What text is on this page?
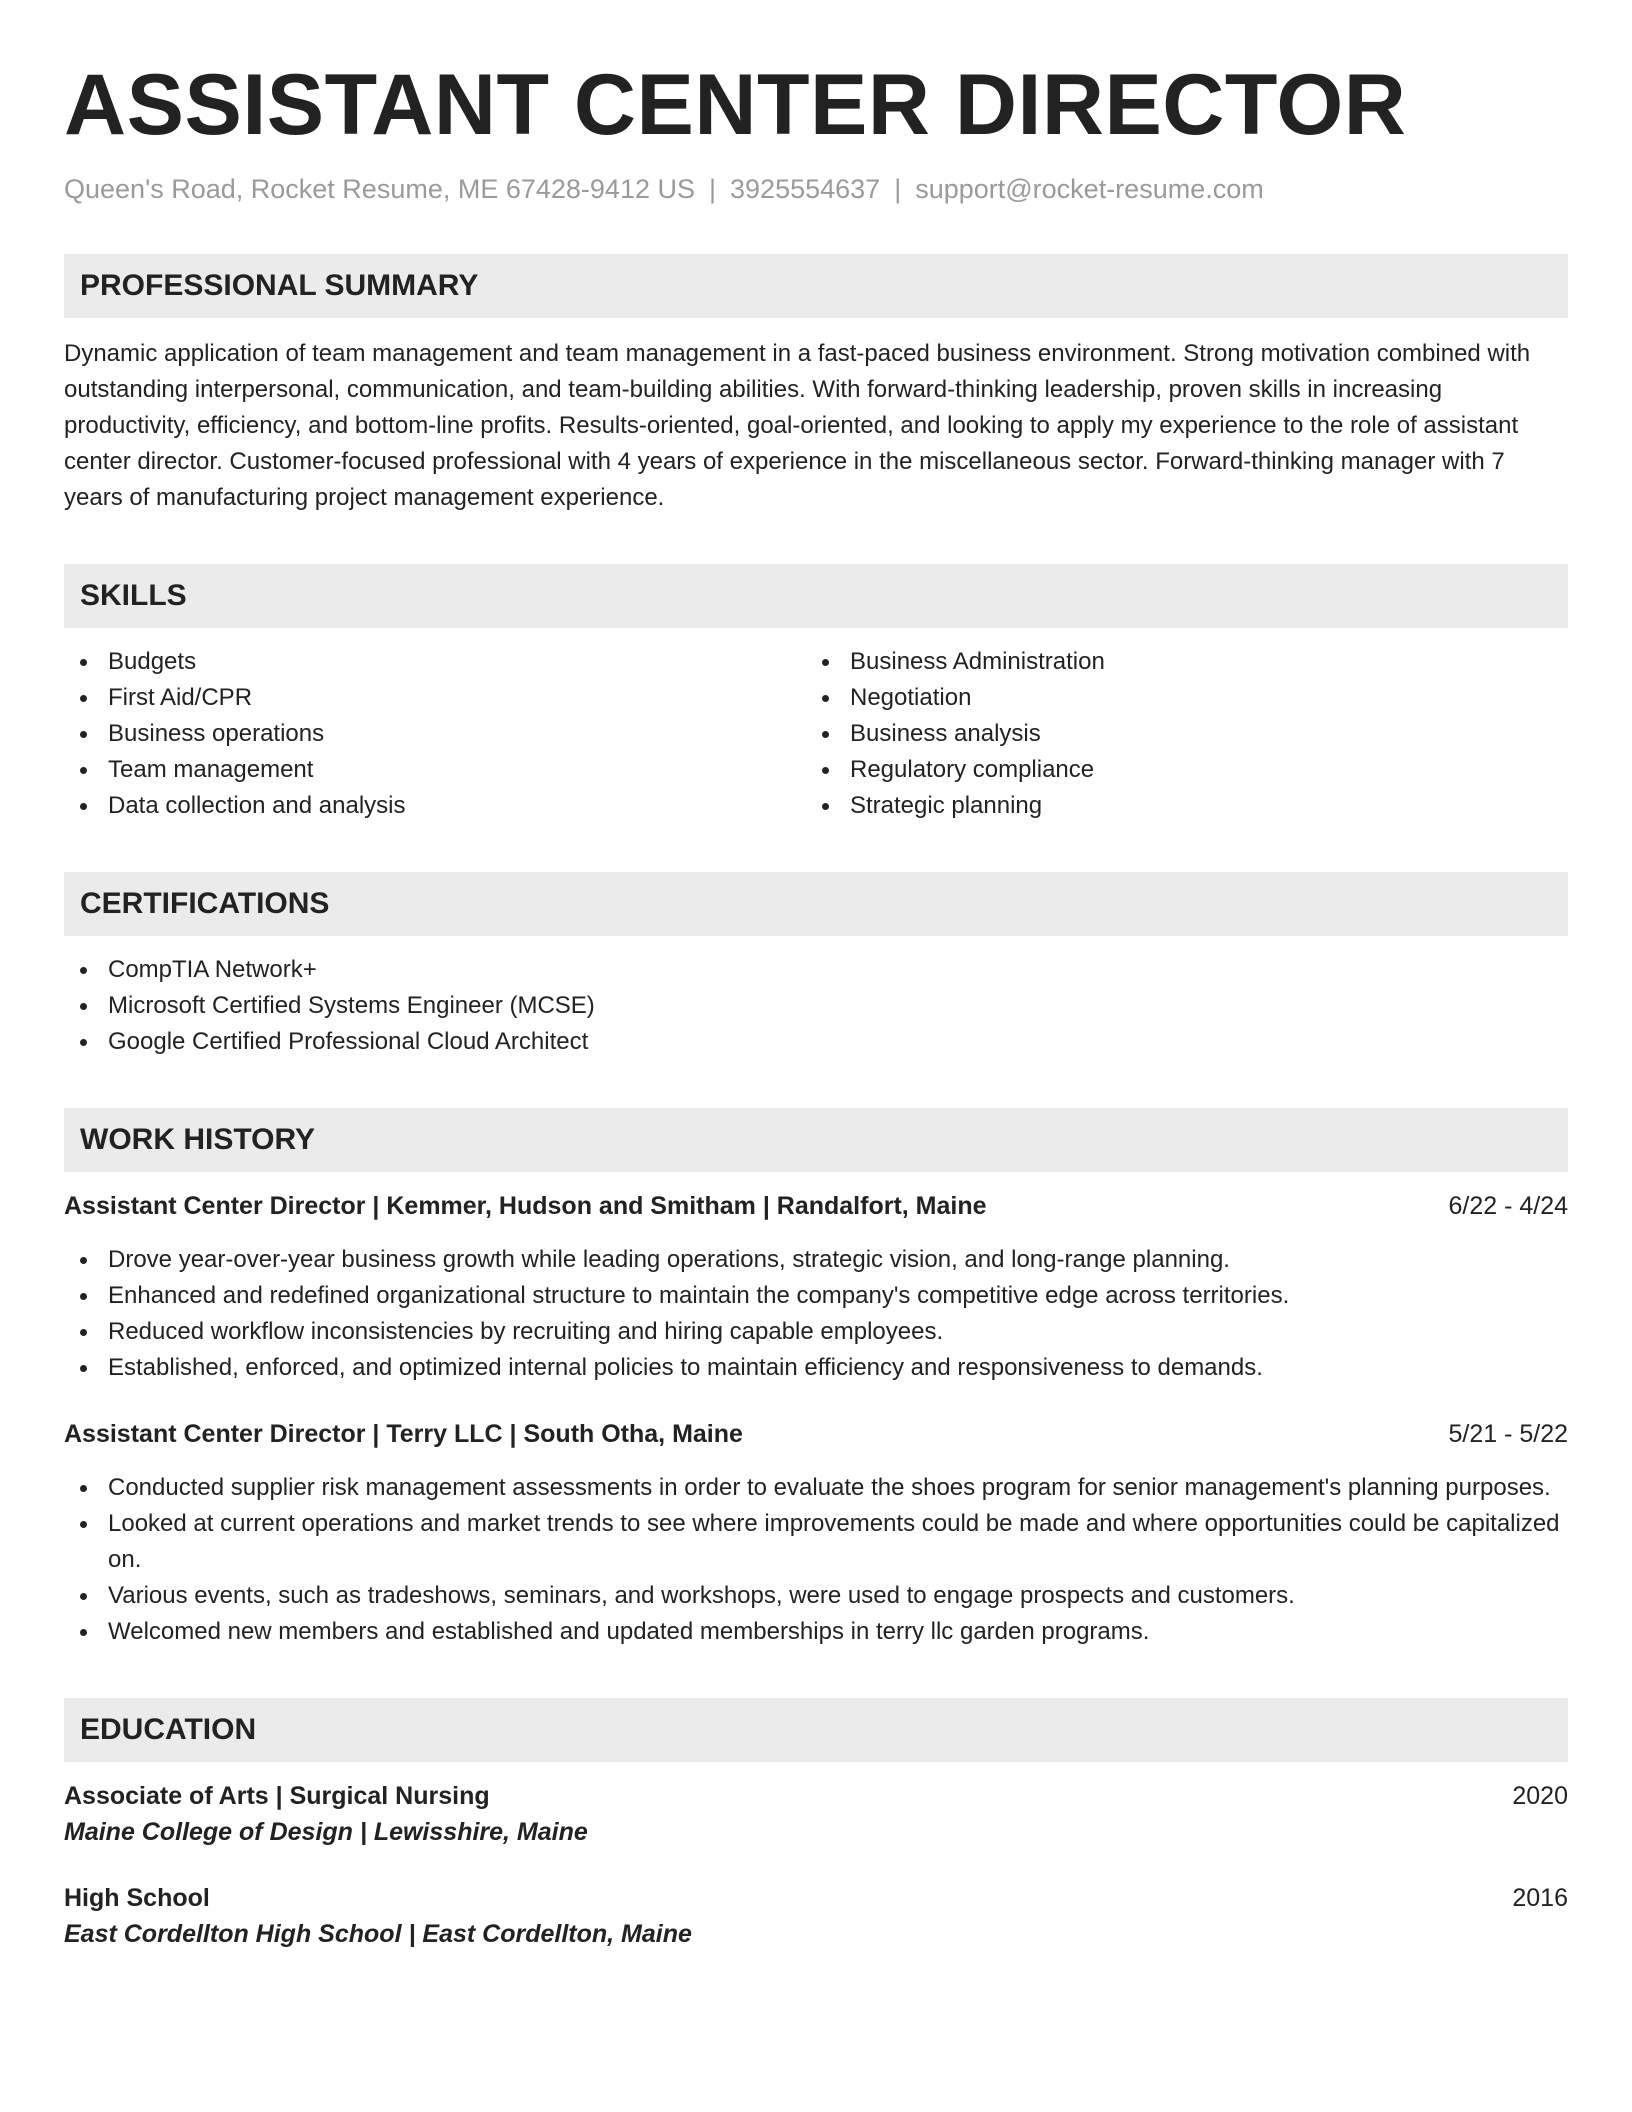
ASSISTANT CENTER DIRECTOR
Queen's Road, Rocket Resume, ME 67428-9412 US | 3925554637 | support@rocket-resume.com
PROFESSIONAL SUMMARY

Dynamic application of team management and team management in a fast-paced business environment. Strong motivation combined with outstanding interpersonal, communication, and team-building abilities. With forward-thinking leadership, proven skills in increasing productivity, efficiency, and bottom-line profits. Results-oriented, goal-oriented, and looking to apply my experience to the role of assistant center director. Customer-focused professional with 4 years of experience in the miscellaneous sector. Forward-thinking manager with 7 years of manufacturing project management experience.

SKILLS
Budgets
First Aid/CPR
Business operations
Team management
Data collection and analysis
Business Administration
Negotiation
Business analysis
Regulatory compliance
Strategic planning
CERTIFICATIONS
CompTIA Network+
Microsoft Certified Systems Engineer (MCSE)
Google Certified Professional Cloud Architect
WORK HISTORY
Assistant Center Director | Kemmer, Hudson and Smitham | Randalfort, Maine	6/22 - 4/24
Drove year-over-year business growth while leading operations, strategic vision, and long-range planning.
Enhanced and redefined organizational structure to maintain the company's competitive edge across territories.
Reduced workflow inconsistencies by recruiting and hiring capable employees.
Established, enforced, and optimized internal policies to maintain efficiency and responsiveness to demands.
Assistant Center Director | Terry LLC | South Otha, Maine	5/21 - 5/22
Conducted supplier risk management assessments in order to evaluate the shoes program for senior management's planning purposes.
Looked at current operations and market trends to see where improvements could be made and where opportunities could be capitalized on.
Various events, such as tradeshows, seminars, and workshops, were used to engage prospects and customers.
Welcomed new members and established and updated memberships in terry llc garden programs.
EDUCATION
Associate of Arts | Surgical Nursing	2020
Maine College of Design | Lewisshire, Maine
High School	2016
East Cordellton High School | East Cordellton, Maine
